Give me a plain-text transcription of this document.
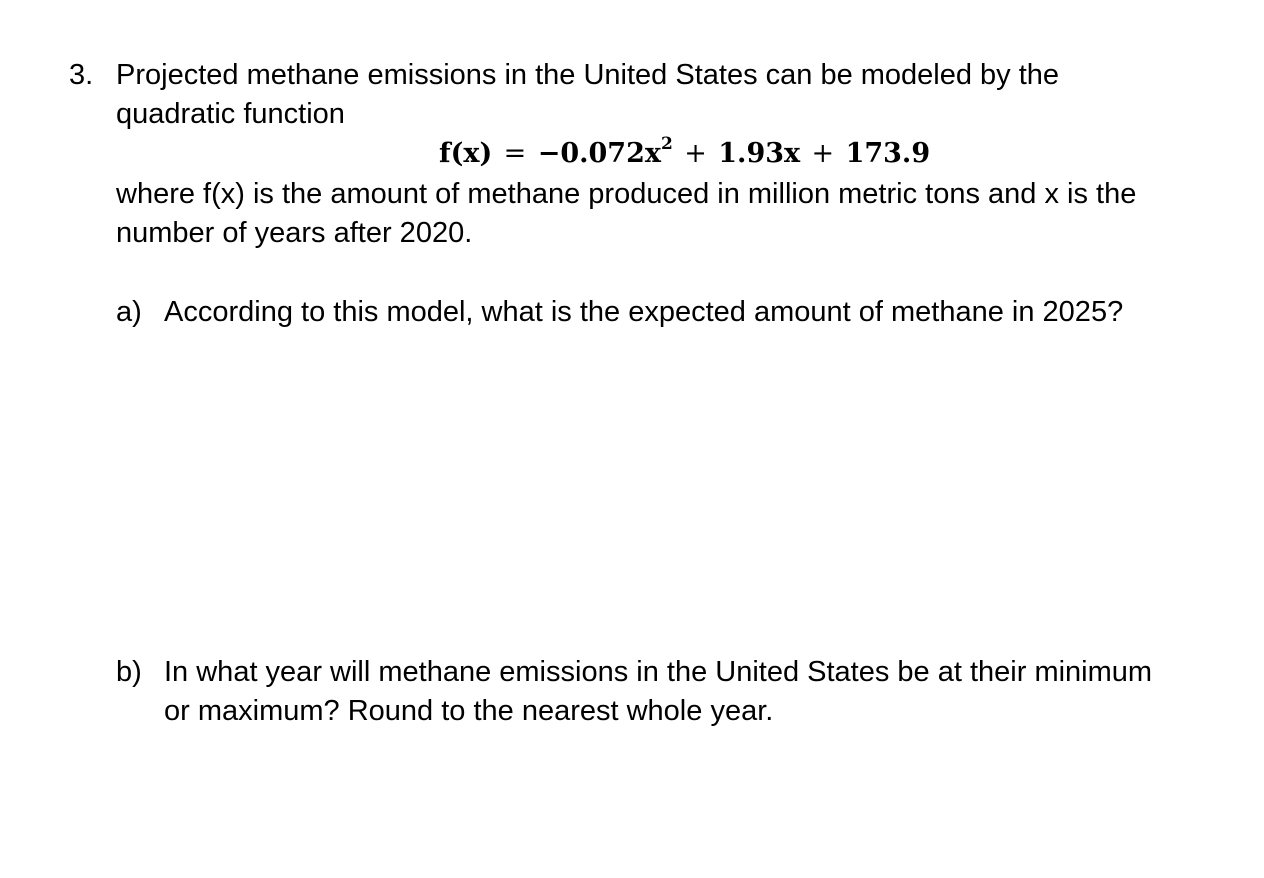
3. Projected methane emissions in the United States can be modeled by the
quadratic function
$f(x) = -0.072x^2 + 1.93x + 173.9$
where f(x) is the amount of methane produced in million metric tons and x is the
number of years after 2020.
a) According to this model, what is the expected amount of methane in 2025?
b) In what year will methane emissions in the United States be at their minimum
or maximum? Round to the nearest whole year.
